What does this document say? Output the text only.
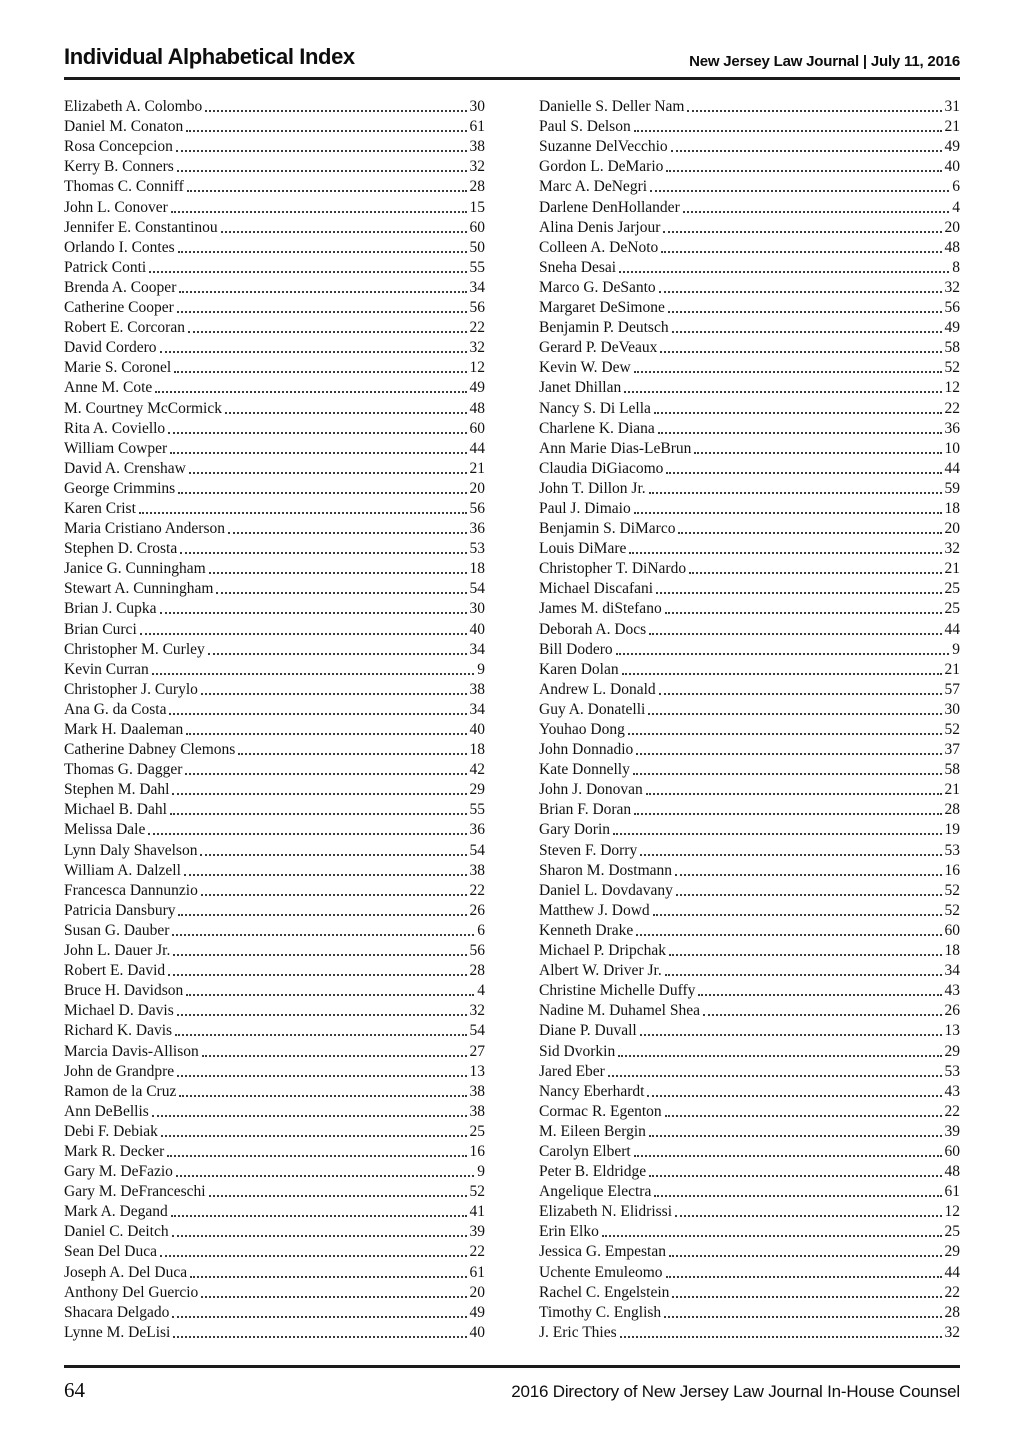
Individual Alphabetical Index	New Jersey Law Journal | July 11, 2016
Elizabeth A. Colombo	30
Daniel M. Conaton	61
Rosa Concepcion	38
Kerry B. Conners	32
Thomas C. Conniff	28
John L. Conover	15
Jennifer E. Constantinou	60
Orlando I. Contes	50
Patrick Conti	55
Brenda A. Cooper	34
Catherine Cooper	56
Robert E. Corcoran	22
David Cordero	32
Marie S. Coronel	12
Anne M. Cote	49
M. Courtney McCormick	48
Rita A. Coviello	60
William Cowper	44
David A. Crenshaw	21
George Crimmins	20
Karen Crist	56
Maria Cristiano Anderson	36
Stephen D. Crosta	53
Janice G. Cunningham	18
Stewart A. Cunningham	54
Brian J. Cupka	30
Brian Curci	40
Christopher M. Curley	34
Kevin Curran	9
Christopher J. Curylo	38
Ana G. da Costa	34
Mark H. Daaleman	40
Catherine Dabney Clemons	18
Thomas G. Dagger	42
Stephen M. Dahl	29
Michael B. Dahl	55
Melissa Dale	36
Lynn Daly Shavelson	54
William A. Dalzell	38
Francesca Dannunzio	22
Patricia Dansbury	26
Susan G. Dauber	6
John L. Dauer Jr.	56
Robert E. David	28
Bruce H. Davidson	4
Michael D. Davis	32
Richard K. Davis	54
Marcia Davis-Allison	27
John de Grandpre	13
Ramon de la Cruz	38
Ann DeBellis	38
Debi F. Debiak	25
Mark R. Decker	16
Gary M. DeFazio	9
Gary M. DeFranceschi	52
Mark A. Degand	41
Daniel C. Deitch	39
Sean Del Duca	22
Joseph A. Del Duca	61
Anthony Del Guercio	20
Shacara Delgado	49
Lynne M. DeLisi	40
Danielle S. Deller Nam	31
Paul S. Delson	21
Suzanne DelVecchio	49
Gordon L. DeMario	40
Marc A. DeNegri	6
Darlene DenHollander	4
Alina Denis Jarjour	20
Colleen A. DeNoto	48
Sneha Desai	8
Marco G. DeSanto	32
Margaret DeSimone	56
Benjamin P. Deutsch	49
Gerard P. DeVeaux	58
Kevin W. Dew	52
Janet Dhillan	12
Nancy S. Di Lella	22
Charlene K. Diana	36
Ann Marie Dias-LeBrun	10
Claudia DiGiacomo	44
John T. Dillon Jr.	59
Paul J. Dimaio	18
Benjamin S. DiMarco	20
Louis DiMare	32
Christopher T. DiNardo	21
Michael Discafani	25
James M. diStefano	25
Deborah A. Docs	44
Bill Dodero	9
Karen Dolan	21
Andrew L. Donald	57
Guy A. Donatelli	30
Youhao Dong	52
John Donnadio	37
Kate Donnelly	58
John J. Donovan	21
Brian F. Doran	28
Gary Dorin	19
Steven F. Dorry	53
Sharon M. Dostmann	16
Daniel L. Dovdavany	52
Matthew J. Dowd	52
Kenneth Drake	60
Michael P. Dripchak	18
Albert W. Driver Jr.	34
Christine Michelle Duffy	43
Nadine M. Duhamel Shea	26
Diane P. Duvall	13
Sid Dvorkin	29
Jared Eber	53
Nancy Eberhardt	43
Cormac R. Egenton	22
M. Eileen Bergin	39
Carolyn Elbert	60
Peter B. Eldridge	48
Angelique Electra	61
Elizabeth N. Elidrissi	12
Erin Elko	25
Jessica G. Empestan	29
Uchente Emuleomo	44
Rachel C. Engelstein	22
Timothy C. English	28
J. Eric Thies	32
64	2016 Directory of New Jersey Law Journal In-House Counsel
